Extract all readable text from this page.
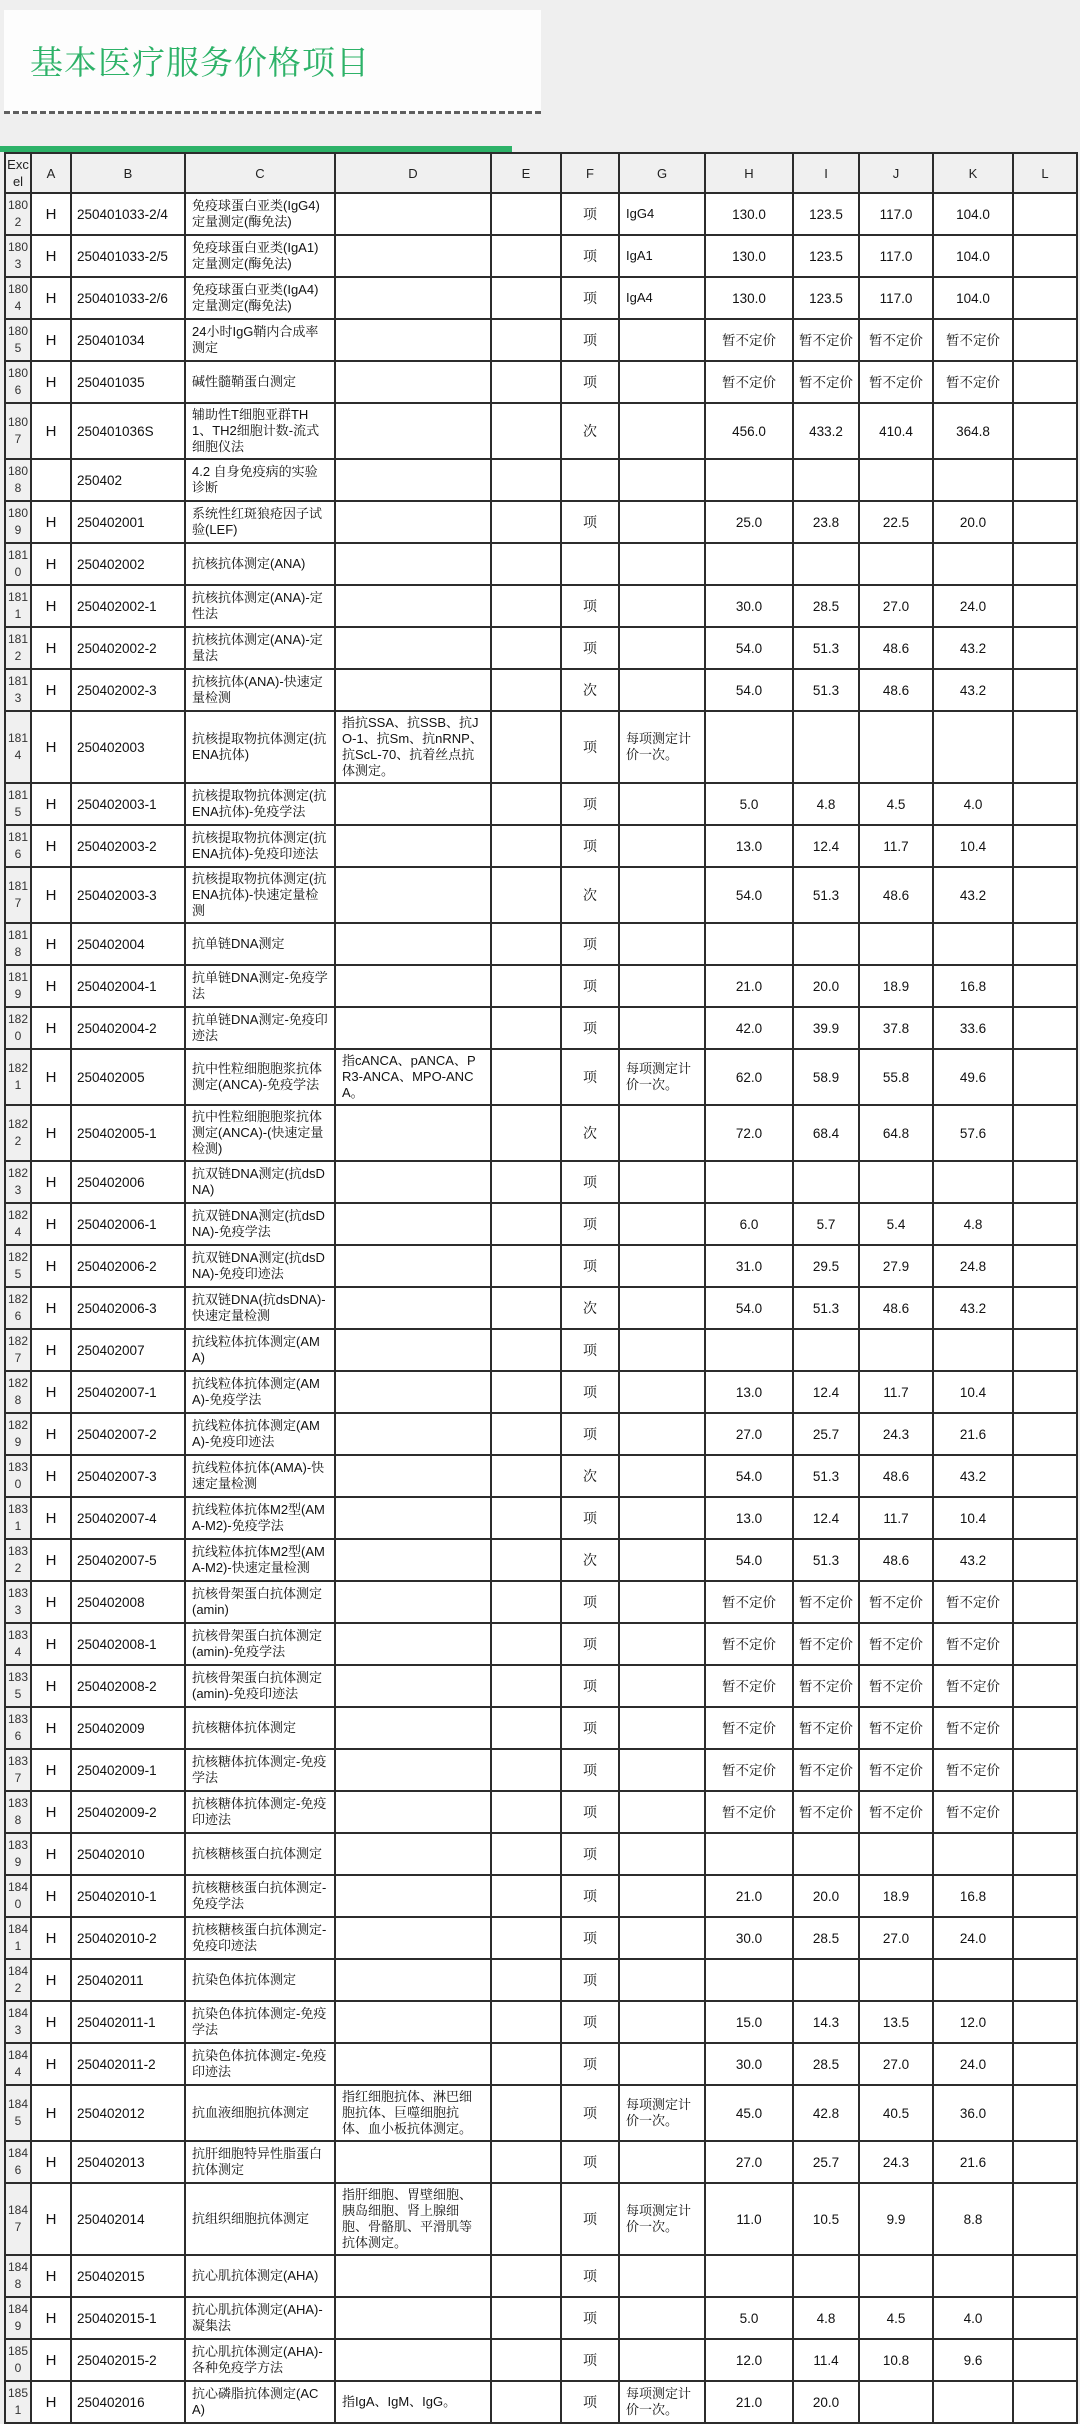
基本医疗服务价格项目
Excel	A	B	C	D	E	F	G	H	I	J	K	L
1802	H	250401033-2/4	免疫球蛋白亚类(IgG4)定量测定(酶免法)			项	IgG4	130.0	123.5	117.0	104.0	
1803	H	250401033-2/5	免疫球蛋白亚类(IgA1)定量测定(酶免法)			项	IgA1	130.0	123.5	117.0	104.0	
1804	H	250401033-2/6	免疫球蛋白亚类(IgA4)定量测定(酶免法)			项	IgA4	130.0	123.5	117.0	104.0	
1805	H	250401034	24小时IgG鞘内合成率测定			项		暂不定价	暂不定价	暂不定价	暂不定价	
1806	H	250401035	碱性髓鞘蛋白测定			项		暂不定价	暂不定价	暂不定价	暂不定价	
1807	H	250401036S	辅助性T细胞亚群TH1、TH2细胞计数-流式细胞仪法			次		456.0	433.2	410.4	364.8	
1808		250402	4.2 自身免疫病的实验诊断									
1809	H	250402001	系统性红斑狼疮因子试验(LEF)			项		25.0	23.8	22.5	20.0	
1810	H	250402002	抗核抗体测定(ANA)									
1811	H	250402002-1	抗核抗体测定(ANA)-定性法			项		30.0	28.5	27.0	24.0	
1812	H	250402002-2	抗核抗体测定(ANA)-定量法			项		54.0	51.3	48.6	43.2	
1813	H	250402002-3	抗核抗体(ANA)-快速定量检测			次		54.0	51.3	48.6	43.2	
1814	H	250402003	抗核提取物抗体测定(抗ENA抗体)	指抗SSA、抗SSB、抗JO-1、抗Sm、抗nRNP、抗ScL-70、抗着丝点抗体测定。		项	每项测定计价一次。					
1815	H	250402003-1	抗核提取物抗体测定(抗ENA抗体)-免疫学法			项		5.0	4.8	4.5	4.0	
1816	H	250402003-2	抗核提取物抗体测定(抗ENA抗体)-免疫印迹法			项		13.0	12.4	11.7	10.4	
1817	H	250402003-3	抗核提取物抗体测定(抗ENA抗体)-快速定量检测			次		54.0	51.3	48.6	43.2	
1818	H	250402004	抗单链DNA测定			项						
1819	H	250402004-1	抗单链DNA测定-免疫学法			项		21.0	20.0	18.9	16.8	
1820	H	250402004-2	抗单链DNA测定-免疫印迹法			项		42.0	39.9	37.8	33.6	
1821	H	250402005	抗中性粒细胞胞浆抗体测定(ANCA)-免疫学法	指cANCA、pANCA、PR3-ANCA、MPO-ANCA。		项	每项测定计价一次。	62.0	58.9	55.8	49.6	
1822	H	250402005-1	抗中性粒细胞胞浆抗体测定(ANCA)-(快速定量检测)			次		72.0	68.4	64.8	57.6	
1823	H	250402006	抗双链DNA测定(抗dsDNA)			项						
1824	H	250402006-1	抗双链DNA测定(抗dsDNA)-免疫学法			项		6.0	5.7	5.4	4.8	
1825	H	250402006-2	抗双链DNA测定(抗dsDNA)-免疫印迹法			项		31.0	29.5	27.9	24.8	
1826	H	250402006-3	抗双链DNA(抗dsDNA)-快速定量检测			次		54.0	51.3	48.6	43.2	
1827	H	250402007	抗线粒体抗体测定(AMA)			项						
1828	H	250402007-1	抗线粒体抗体测定(AMA)-免疫学法			项		13.0	12.4	11.7	10.4	
1829	H	250402007-2	抗线粒体抗体测定(AMA)-免疫印迹法			项		27.0	25.7	24.3	21.6	
1830	H	250402007-3	抗线粒体抗体(AMA)-快速定量检测			次		54.0	51.3	48.6	43.2	
1831	H	250402007-4	抗线粒体抗体M2型(AMA-M2)-免疫学法			项		13.0	12.4	11.7	10.4	
1832	H	250402007-5	抗线粒体抗体M2型(AMA-M2)-快速定量检测			次		54.0	51.3	48.6	43.2	
1833	H	250402008	抗核骨架蛋白抗体测定(amin)			项		暂不定价	暂不定价	暂不定价	暂不定价	
1834	H	250402008-1	抗核骨架蛋白抗体测定(amin)-免疫学法			项		暂不定价	暂不定价	暂不定价	暂不定价	
1835	H	250402008-2	抗核骨架蛋白抗体测定(amin)-免疫印迹法			项		暂不定价	暂不定价	暂不定价	暂不定价	
1836	H	250402009	抗核糖体抗体测定			项		暂不定价	暂不定价	暂不定价	暂不定价	
1837	H	250402009-1	抗核糖体抗体测定-免疫学法			项		暂不定价	暂不定价	暂不定价	暂不定价	
1838	H	250402009-2	抗核糖体抗体测定-免疫印迹法			项		暂不定价	暂不定价	暂不定价	暂不定价	
1839	H	250402010	抗核糖核蛋白抗体测定			项						
1840	H	250402010-1	抗核糖核蛋白抗体测定-免疫学法			项		21.0	20.0	18.9	16.8	
1841	H	250402010-2	抗核糖核蛋白抗体测定-免疫印迹法			项		30.0	28.5	27.0	24.0	
1842	H	250402011	抗染色体抗体测定			项						
1843	H	250402011-1	抗染色体抗体测定-免疫学法			项		15.0	14.3	13.5	12.0	
1844	H	250402011-2	抗染色体抗体测定-免疫印迹法			项		30.0	28.5	27.0	24.0	
1845	H	250402012	抗血液细胞抗体测定	指红细胞抗体、淋巴细胞抗体、巨噬细胞抗体、血小板抗体测定。		项	每项测定计价一次。	45.0	42.8	40.5	36.0	
1846	H	250402013	抗肝细胞特异性脂蛋白抗体测定			项		27.0	25.7	24.3	21.6	
1847	H	250402014	抗组织细胞抗体测定	指肝细胞、胃壁细胞、胰岛细胞、肾上腺细胞、骨骼肌、平滑肌等抗体测定。		项	每项测定计价一次。	11.0	10.5	9.9	8.8	
1848	H	250402015	抗心肌抗体测定(AHA)			项						
1849	H	250402015-1	抗心肌抗体测定(AHA)-凝集法			项		5.0	4.8	4.5	4.0	
1850	H	250402015-2	抗心肌抗体测定(AHA)-各种免疫学方法			项		12.0	11.4	10.8	9.6	
1851	H	250402016	抗心磷脂抗体测定(ACA)	指IgA、IgM、IgG。		项	每项测定计价一次。	21.0	20.0			
